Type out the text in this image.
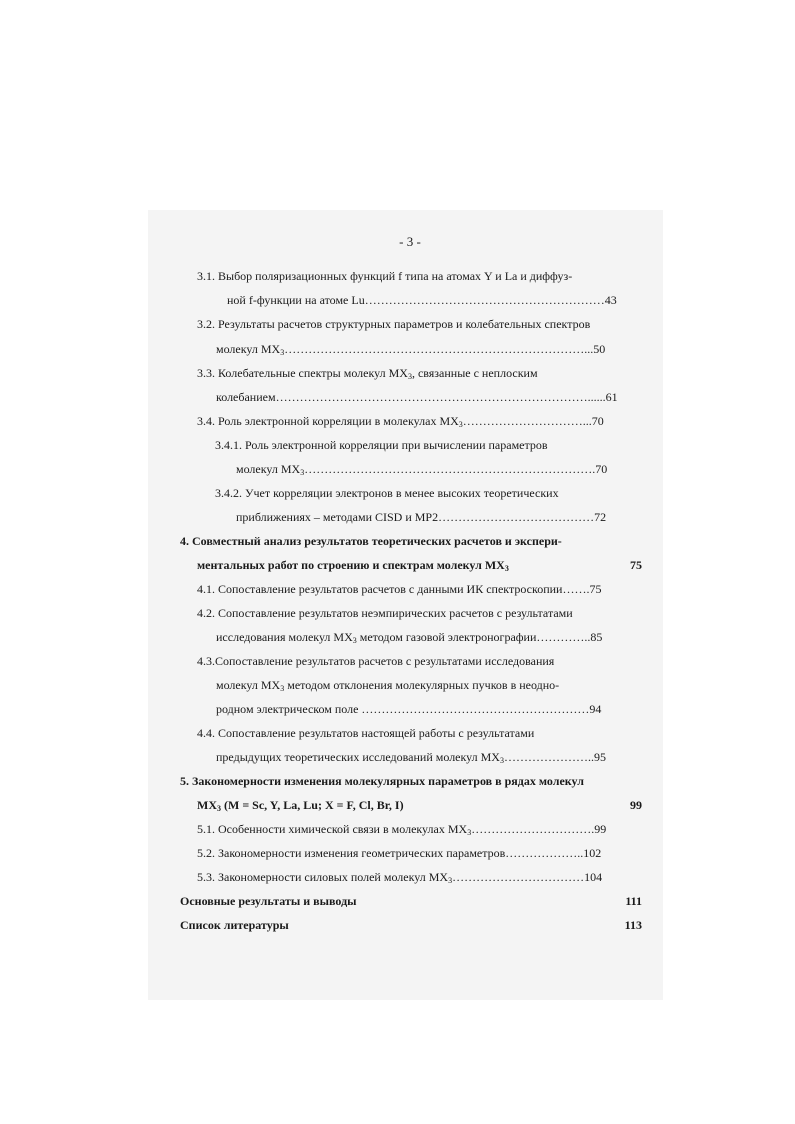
- 3 -
3.1. Выбор поляризационных функций f типа на атомах Y и La и диффуз-
ной f-функции на атоме Lu……………………………………………………43
3.2. Результаты расчетов структурных параметров и колебательных спектров
молекул $MX_3\dots\dots\dots\dots\dots\dots\dots\dots\dots\dots\dots\dots\dots\dots\dots\dots\dots\dots\dots\dots\dots\dots\dots\dots\dots...50$
3.3. Колебательные спектры молекул $MX_3$, связанные с неплоским
колебанием……………………………………………………………………......61
3.4. Роль электронной корреляции в молекулах $MX_3\dots\dots\dots\dots\dots\dots\dots\dots\dots\dots...70$
3.4.1. Роль электронной корреляции при вычислении параметров
молекул $MX_3\dots\dots\dots\dots\dots\dots\dots\dots\dots\dots\dots\dots\dots\dots\dots\dots\dots\dots\dots\dots\dots\dots\dots\dots.70$
3.4.2. Учет корреляции электронов в менее высоких теоретических
приближениях – методами CISD и MP2…………………………………72
4. Совместный анализ результатов теоретических расчетов и экспери-
ментальных работ по строению и спектрам молекул $MX_3$	75
4.1. Сопоставление результатов расчетов с данными ИК спектроскопии…….75
4.2. Сопоставление результатов неэмпирических расчетов с результатами
исследования молекул $MX_3$ методом газовой электронографии…………..85
4.3.Сопоставление результатов расчетов с результатами исследования
молекул $MX_3$ методом отклонения молекулярных пучков в неодно-
родном электрическом поле …………………………………………………94
4.4. Сопоставление результатов настоящей работы с результатами
предыдущих теоретических исследований молекул $MX_3\dots\dots\dots\dots\dots\dots\dots..95$
5. Закономерности изменения молекулярных параметров в рядах молекул
$MX_3$ (M = Sc, Y, La, Lu; X = F, Cl, Br, I)	99
5.1. Особенности химической связи в молекулах $MX_3\dots\dots\dots\dots\dots\dots\dots\dots\dots\dots.99$
5.2. Закономерности изменения геометрических параметров………………..102
5.3. Закономерности силовых полей молекул $MX_3\dots\dots\dots\dots\dots\dots\dots\dots\dots\dots\dots 104$
Основные результаты и выводы	111
Список литературы	113
